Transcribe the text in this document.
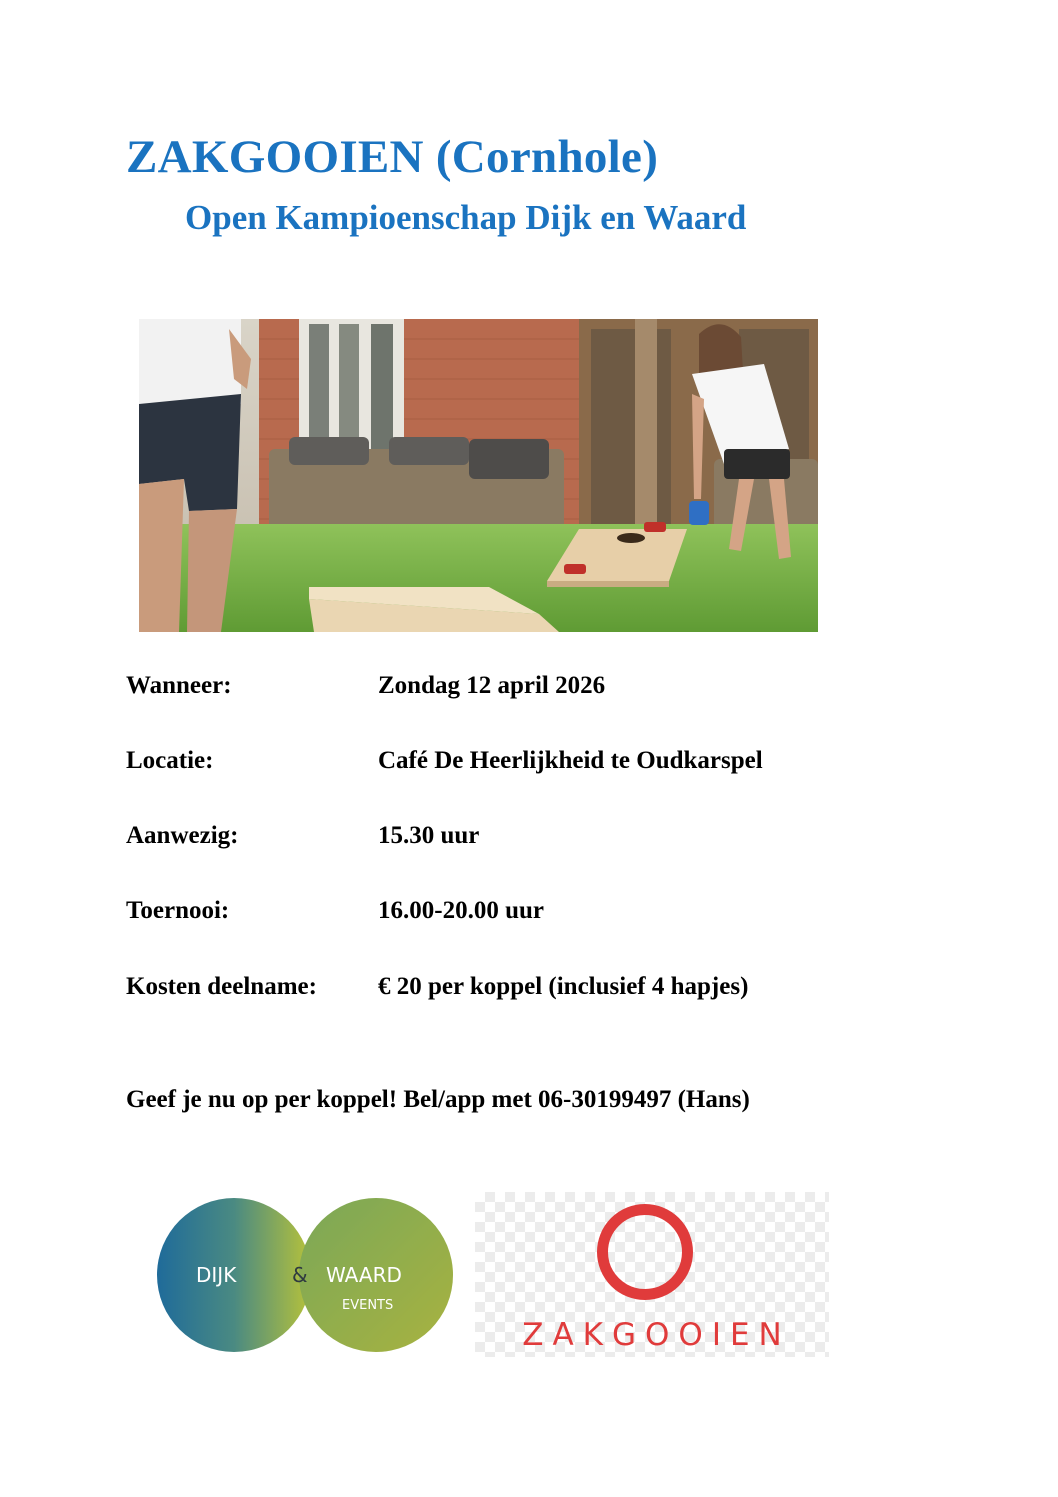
ZAKGOOIEN (Cornhole)
Open Kampioenschap Dijk en Waard
Wanneer:	Zondag 12 april 2026
Locatie:	Café De Heerlijkheid te Oudkarspel
Aanwezig:	15.30 uur
Toernooi:	16.00-20.00 uur
Kosten deelname: € 20 per koppel (inclusief 4 hapjes)
Geef je nu op per koppel! Bel/app met 06-30199497 (Hans)
DIJK	& WAARD
EVENTS
ZAKGOOIEN
